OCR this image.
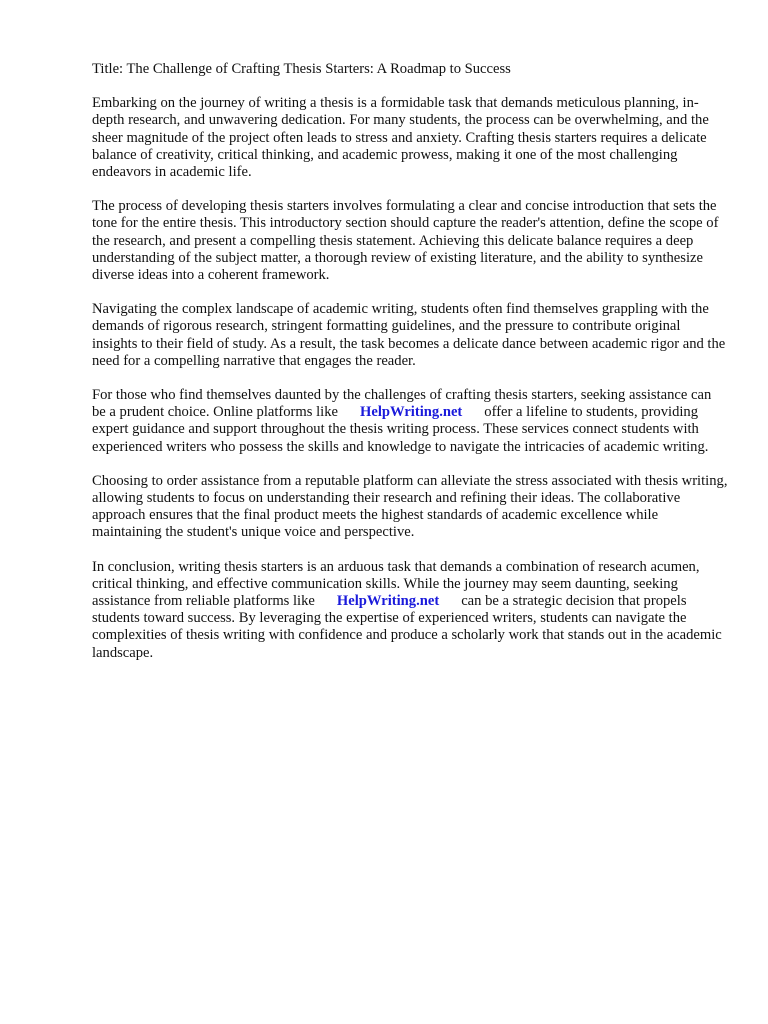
Title: The Challenge of Crafting Thesis Starters: A Roadmap to Success

Embarking on the journey of writing a thesis is a formidable task that demands meticulous planning, in-depth research, and unwavering dedication. For many students, the process can be overwhelming, and the sheer magnitude of the project often leads to stress and anxiety. Crafting thesis starters requires a delicate balance of creativity, critical thinking, and academic prowess, making it one of the most challenging endeavors in academic life.

The process of developing thesis starters involves formulating a clear and concise introduction that sets the tone for the entire thesis. This introductory section should capture the reader's attention, define the scope of the research, and present a compelling thesis statement. Achieving this delicate balance requires a deep understanding of the subject matter, a thorough review of existing literature, and the ability to synthesize diverse ideas into a coherent framework.

Navigating the complex landscape of academic writing, students often find themselves grappling with the demands of rigorous research, stringent formatting guidelines, and the pressure to contribute original insights to their field of study. As a result, the task becomes a delicate dance between academic rigor and the need for a compelling narrative that engages the reader.

For those who find themselves daunted by the challenges of crafting thesis starters, seeking assistance can be a prudent choice. Online platforms like HelpWriting.net offer a lifeline to students, providing expert guidance and support throughout the thesis writing process. These services connect students with experienced writers who possess the skills and knowledge to navigate the intricacies of academic writing.

Choosing to order assistance from a reputable platform can alleviate the stress associated with thesis writing, allowing students to focus on understanding their research and refining their ideas. The collaborative approach ensures that the final product meets the highest standards of academic excellence while maintaining the student's unique voice and perspective.

In conclusion, writing thesis starters is an arduous task that demands a combination of research acumen, critical thinking, and effective communication skills. While the journey may seem daunting, seeking assistance from reliable platforms like HelpWriting.net can be a strategic decision that propels students toward success. By leveraging the expertise of experienced writers, students can navigate the complexities of thesis writing with confidence and produce a scholarly work that stands out in the academic landscape.
